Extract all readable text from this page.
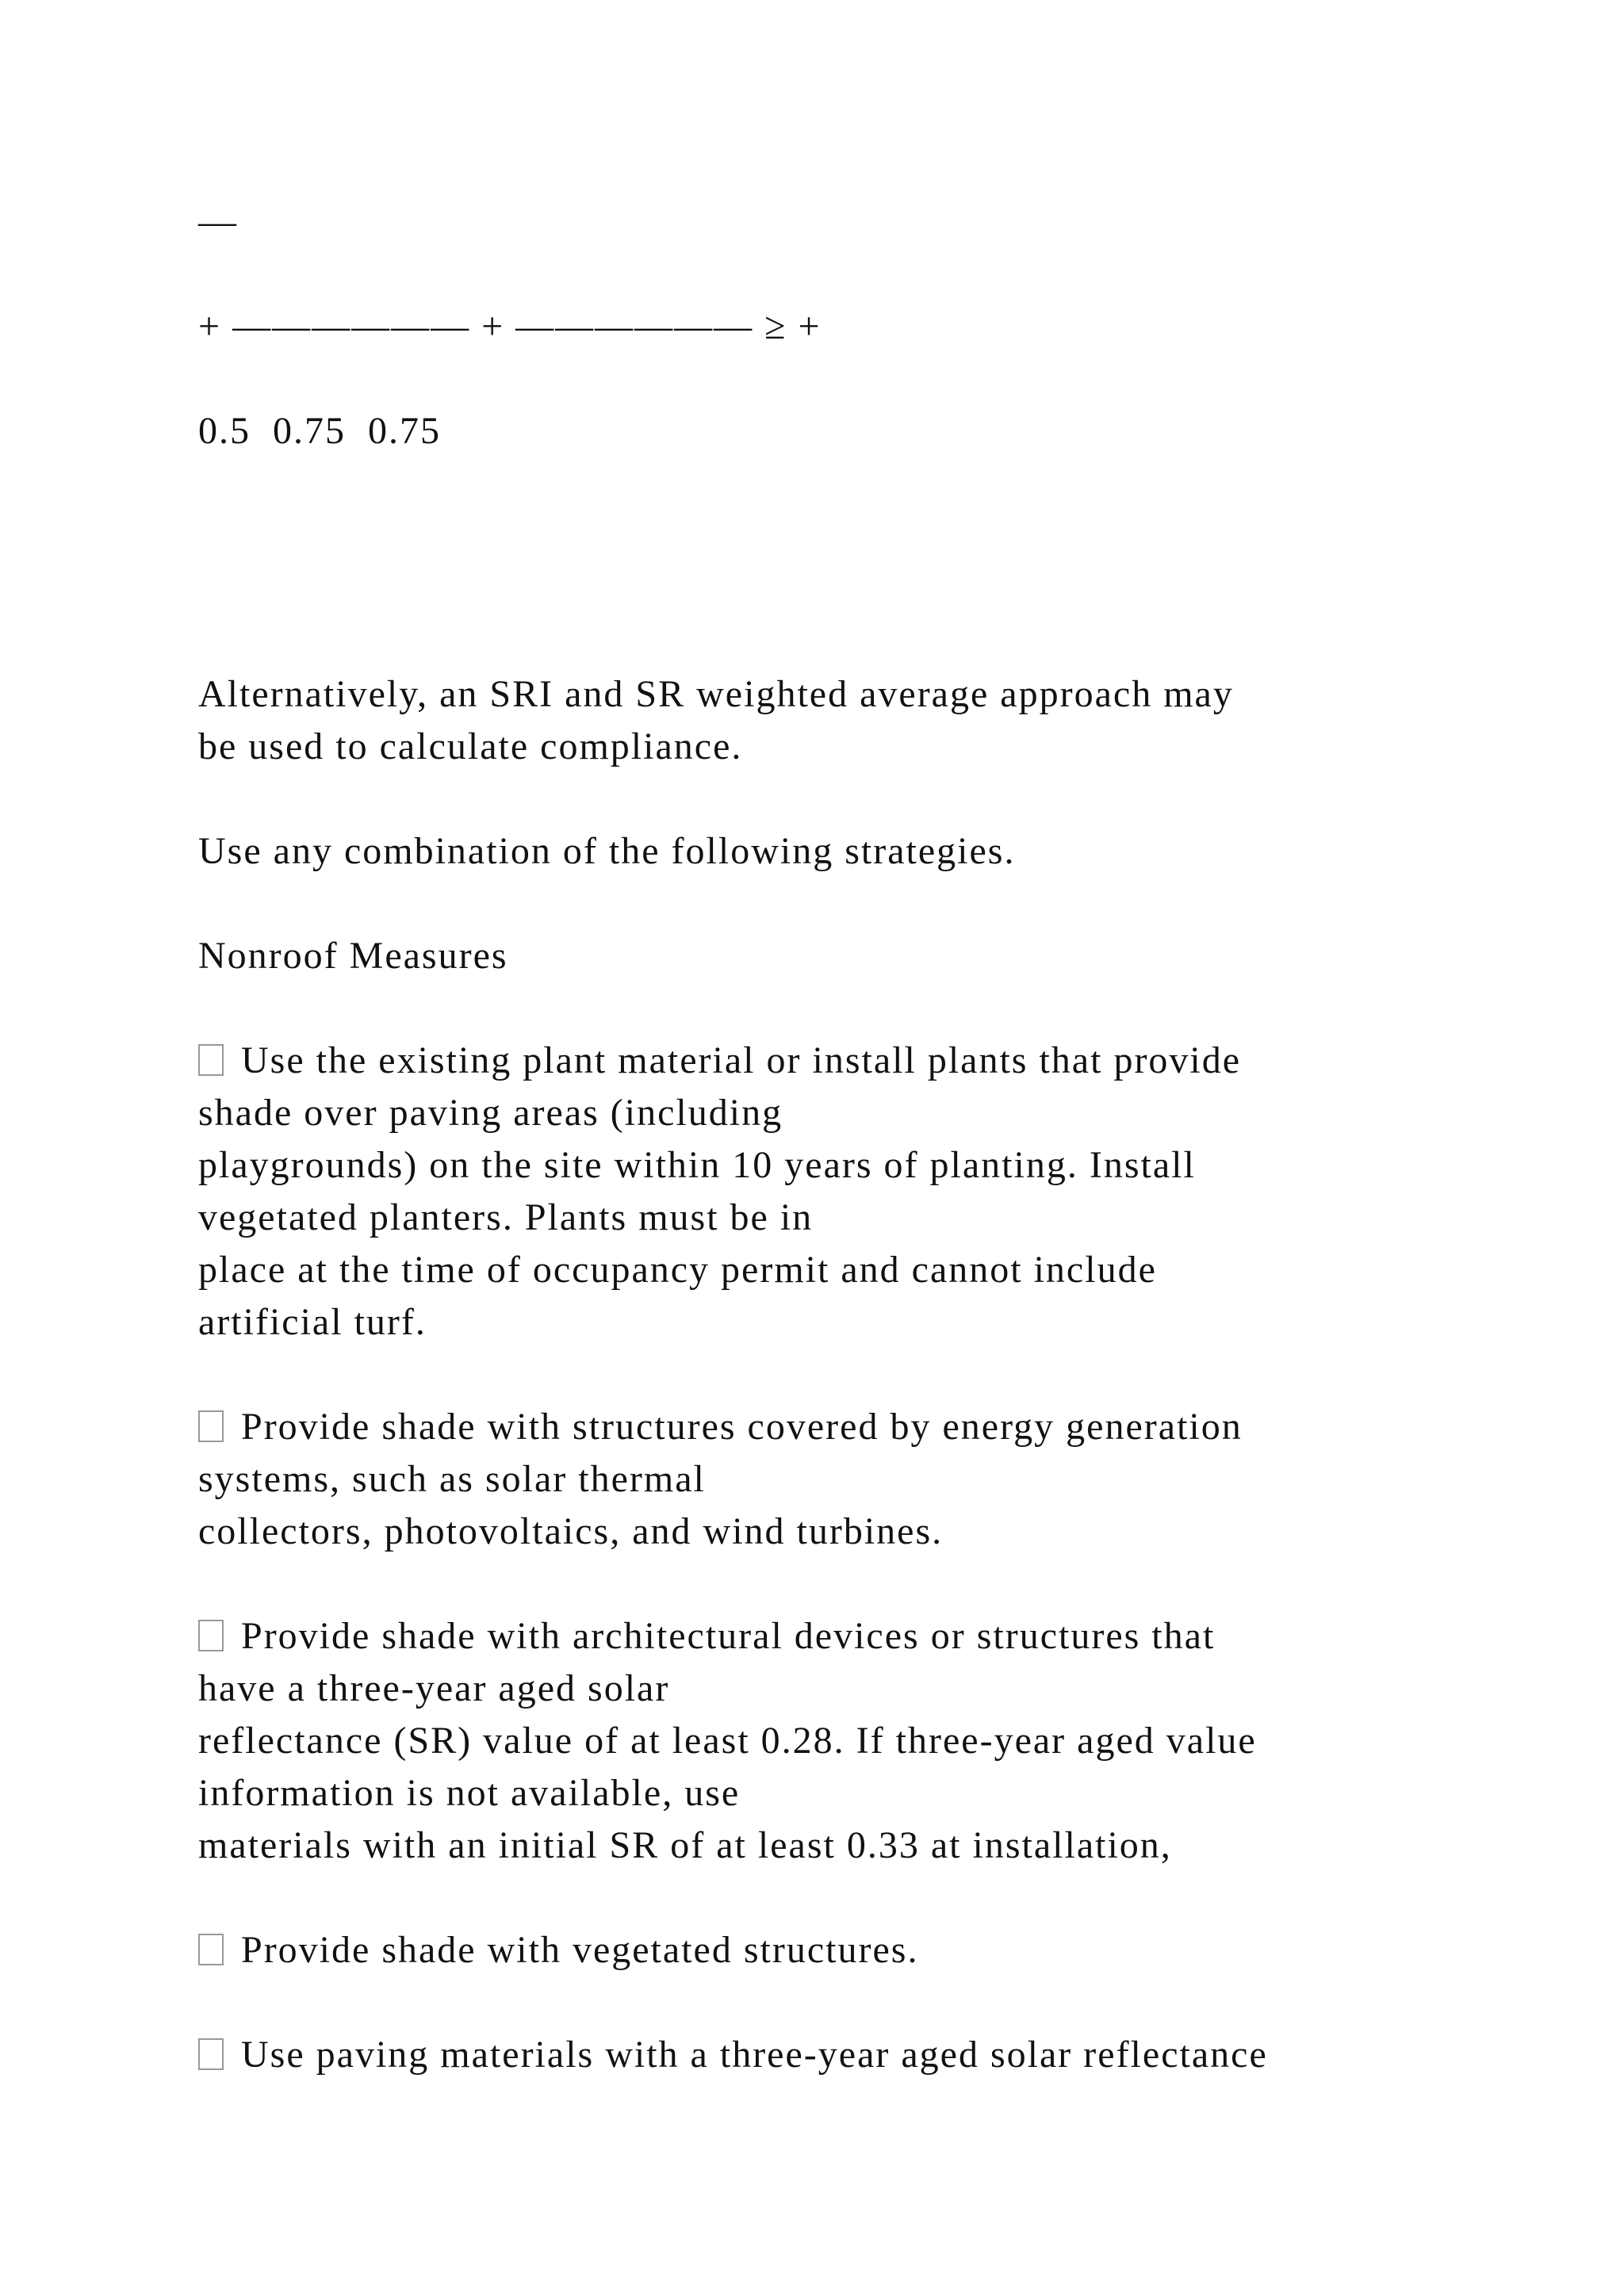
—
+ —————— + —————— ≥ +
0.5  0.75  0.75
Alternatively, an SRI and SR weighted average approach may
be used to calculate compliance.
Use any combination of the following strategies.
Nonroof Measures
Use the existing plant material or install plants that provide
shade over paving areas (including
playgrounds) on the site within 10 years of planting. Install
vegetated planters. Plants must be in
place at the time of occupancy permit and cannot include
artificial turf.
Provide shade with structures covered by energy generation
systems, such as solar thermal
collectors, photovoltaics, and wind turbines.
Provide shade with architectural devices or structures that
have a three-year aged solar
reflectance (SR) value of at least 0.28. If three-year aged value
information is not available, use
materials with an initial SR of at least 0.33 at installation,
Provide shade with vegetated structures.
Use paving materials with a three-year aged solar reflectance
